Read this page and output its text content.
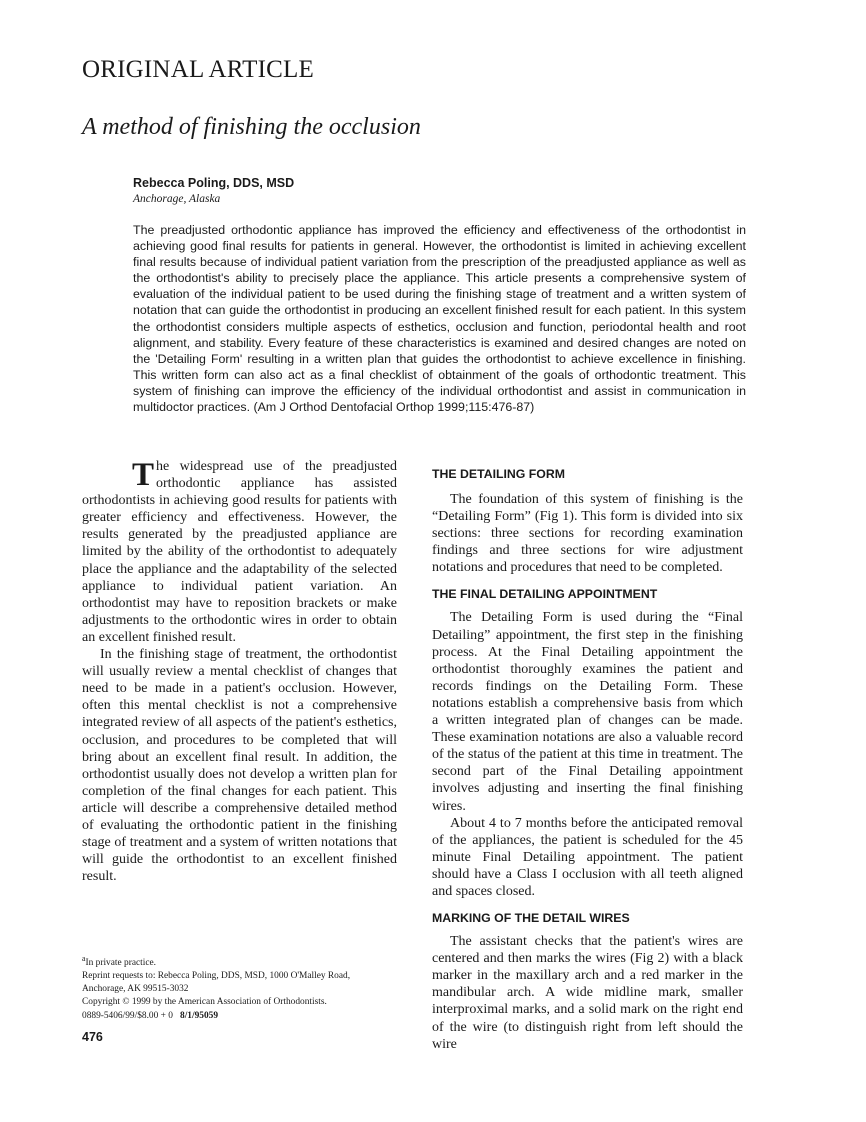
ORIGINAL ARTICLE
A method of finishing the occlusion
Rebecca Poling, DDS, MSD
Anchorage, Alaska

The preadjusted orthodontic appliance has improved the efficiency and effectiveness of the orthodontist in achieving good final results for patients in general. However, the orthodontist is limited in achieving excellent final results because of individual patient variation from the prescription of the preadjusted appliance as well as the orthodontist's ability to precisely place the appliance. This article presents a comprehensive system of evaluation of the individual patient to be used during the finishing stage of treatment and a written system of notation that can guide the orthodontist in producing an excellent finished result for each patient. In this system the orthodontist considers multiple aspects of esthetics, occlusion and function, periodontal health and root alignment, and stability. Every feature of these characteristics is examined and desired changes are noted on the 'Detailing Form' resulting in a written plan that guides the orthodontist to achieve excellence in finishing. This written form can also act as a final checklist of obtainment of the goals of orthodontic treatment. This system of finishing can improve the efficiency of the individual orthodontist and assist in communication in multidoctor practices. (Am J Orthod Dentofacial Orthop 1999;115:476-87)

The widespread use of the preadjusted orthodontic appliance has assisted orthodontists in achieving good results for patients with greater efficiency and effectiveness. However, the results generated by the preadjusted appliance are limited by the ability of the orthodontist to adequately place the appliance and the adaptability of the selected appliance to individual patient variation. An orthodontist may have to reposition brackets or make adjustments to the orthodontic wires in order to obtain an excellent finished result.

In the finishing stage of treatment, the orthodontist will usually review a mental checklist of changes that need to be made in a patient's occlusion. However, often this mental checklist is not a comprehensive integrated review of all aspects of the patient's esthetics, occlusion, and procedures to be completed that will bring about an excellent final result. In addition, the orthodontist usually does not develop a written plan for completion of the final changes for each patient. This article will describe a comprehensive detailed method of evaluating the orthodontic patient in the finishing stage of treatment and a system of written notations that will guide the orthodontist to an excellent finished result.

THE DETAILING FORM

The foundation of this system of finishing is the “Detailing Form” (Fig 1). This form is divided into six sections: three sections for recording examination findings and three sections for wire adjustment notations and procedures that need to be completed.

THE FINAL DETAILING APPOINTMENT

The Detailing Form is used during the “Final Detailing” appointment, the first step in the finishing process. At the Final Detailing appointment the orthodontist thoroughly examines the patient and records findings on the Detailing Form. These notations establish a comprehensive basis from which a written integrated plan of changes can be made. These examination notations are also a valuable record of the status of the patient at this time in treatment. The second part of the Final Detailing appointment involves adjusting and inserting the final finishing wires.

About 4 to 7 months before the anticipated removal of the appliances, the patient is scheduled for the 45 minute Final Detailing appointment. The patient should have a Class I occlusion with all teeth aligned and spaces closed.

MARKING OF THE DETAIL WIRES

The assistant checks that the patient's wires are centered and then marks the wires (Fig 2) with a black marker in the maxillary arch and a red marker in the mandibular arch. A wide midline mark, smaller interproximal marks, and a solid mark on the right end of the wire (to distinguish right from left should the wire

$^a$In private practice.
Reprint requests to: Rebecca Poling, DDS, MSD, 1000 O'Malley Road,
Anchorage, AK 99515-3032
Copyright © 1999 by the American Association of Orthodontists.
0889-5406/99/$8.00 + 0 8/1/95059
476
